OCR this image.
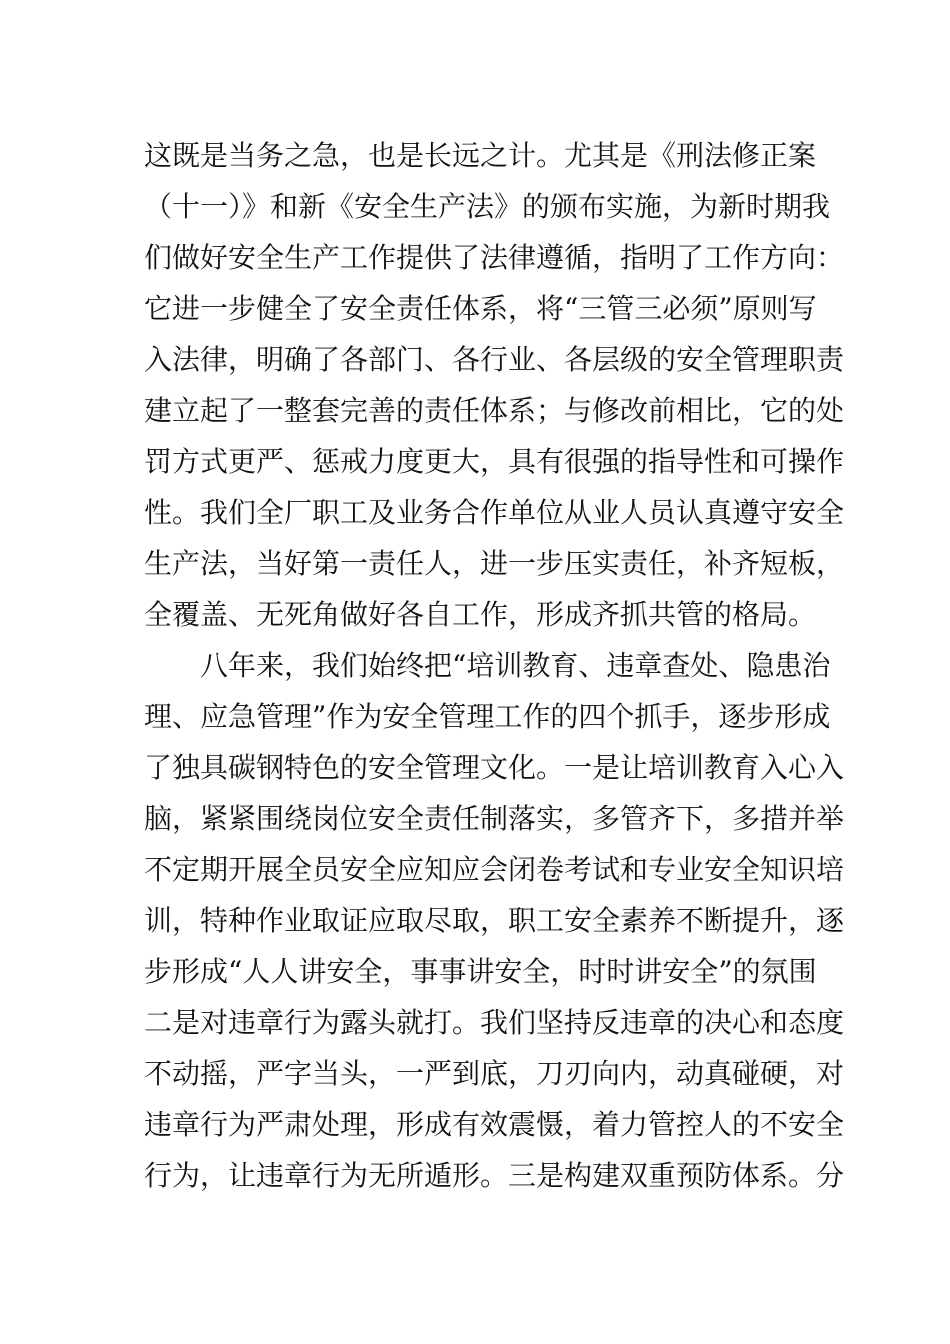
这既是当务之急，也是长远之计。尤其是《刑法修正案
（十一）》和新《安全生产法》的颁布实施，为新时期我
们做好安全生产工作提供了法律遵循，指明了工作方向：
它进一步健全了安全责任体系，将“三管三必须”原则写
入法律，明确了各部门、各行业、各层级的安全管理职责
建立起了一整套完善的责任体系；与修改前相比，它的处
罚方式更严、惩戒力度更大，具有很强的指导性和可操作
性。我们全厂职工及业务合作单位从业人员认真遵守安全
生产法，当好第一责任人，进一步压实责任，补齐短板，
全覆盖、无死角做好各自工作，形成齐抓共管的格局。
八年来，我们始终把“培训教育、违章查处、隐患治
理、应急管理”作为安全管理工作的四个抓手，逐步形成
了独具碳钢特色的安全管理文化。一是让培训教育入心入
脑，紧紧围绕岗位安全责任制落实，多管齐下，多措并举
不定期开展全员安全应知应会闭卷考试和专业安全知识培
训，特种作业取证应取尽取，职工安全素养不断提升，逐
步形成“人人讲安全，事事讲安全，时时讲安全”的氛围
二是对违章行为露头就打。我们坚持反违章的决心和态度
不动摇，严字当头，一严到底，刀刃向内，动真碰硬，对
违章行为严肃处理，形成有效震慑，着力管控人的不安全
行为，让违章行为无所遁形。三是构建双重预防体系。分
